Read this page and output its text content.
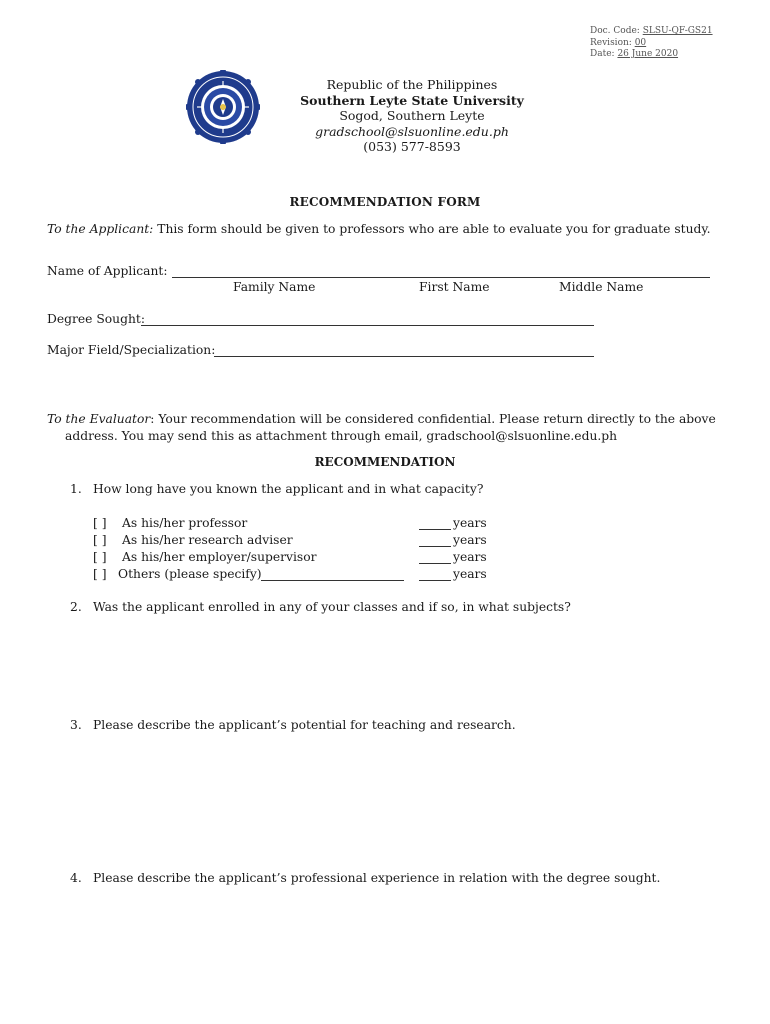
Doc. Code: SLSU-QF-GS21
Revision: 00
Date: 26 June 2020
Republic of the Philippines
Southern Leyte State University
Sogod, Southern Leyte
gradschool@slsuonline.edu.ph
(053) 577-8593
RECOMMENDATION FORM
To the Applicant: This form should be given to professors who are able to evaluate you for graduate study.
Name of Applicant:
Family Name	First Name	Middle Name
Degree Sought:
Major Field/Specialization:
To the Evaluator: Your recommendation will be considered confidential. Please return directly to the above
address. You may send this as attachment through email, gradschool@slsuonline.edu.ph
RECOMMENDATION
1. How long have you known the applicant and in what capacity?
[ ] As his/her professor	years
[ ] As his/her research adviser	years
[ ] As his/her employer/supervisor	years
[ ] Others (please specify)	years
2. Was the applicant enrolled in any of your classes and if so, in what subjects?
3. Please describe the applicant’s potential for teaching and research.
4. Please describe the applicant’s professional experience in relation with the degree sought.
